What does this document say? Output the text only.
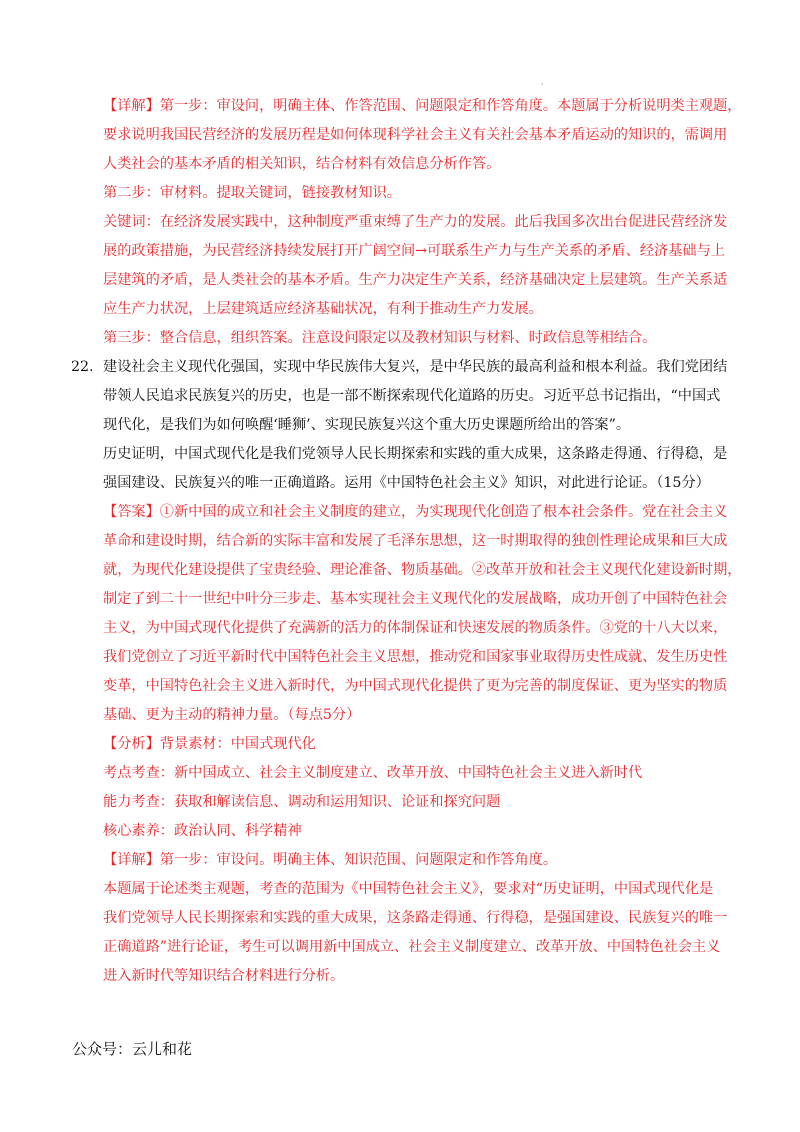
·
【详解】第一步：审设问，明确主体、作答范围、问题限定和作答角度。本题属于分析说明类主观题，
要求说明我国民营经济的发展历程是如何体现科学社会主义有关社会基本矛盾运动的知识的，需调用
人类社会的基本矛盾的相关知识，结合材料有效信息分析作答。
第二步：审材料。提取关键词，链接教材知识。
关键词：在经济发展实践中，这种制度严重束缚了生产力的发展。此后我国多次出台促进民营经济发
展的政策措施，为民营经济持续发展打开广阔空间→可联系生产力与生产关系的矛盾、经济基础与上
层建筑的矛盾，是人类社会的基本矛盾。生产力决定生产关系，经济基础决定上层建筑。生产关系适
应生产力状况，上层建筑适应经济基础状况，有利于推动生产力发展。
第三步：整合信息，组织答案。注意设问限定以及教材知识与材料、时政信息等相结合。
22. 建设社会主义现代化强国，实现中华民族伟大复兴，是中华民族的最高利益和根本利益。我们党团结
带领人民追求民族复兴的历史，也是一部不断探索现代化道路的历史。习近平总书记指出，“中国式
现代化，是我们为如何唤醒‘睡狮’、实现民族复兴这个重大历史课题所给出的答案”。
历史证明，中国式现代化是我们党领导人民长期探索和实践的重大成果，这条路走得通、行得稳，是
强国建设、民族复兴的唯一正确道路。运用《中国特色社会主义》知识，对此进行论证。（15分）
【答案】①新中国的成立和社会主义制度的建立，为实现现代化创造了根本社会条件。党在社会主义
革命和建设时期，结合新的实际丰富和发展了毛泽东思想，这一时期取得的独创性理论成果和巨大成
就，为现代化建设提供了宝贵经验、理论准备、物质基础。②改革开放和社会主义现代化建设新时期，
制定了到二十一世纪中叶分三步走、基本实现社会主义现代化的发展战略，成功开创了中国特色社会
主义，为中国式现代化提供了充满新的活力的体制保证和快速发展的物质条件。③党的十八大以来，
我们党创立了习近平新时代中国特色社会主义思想，推动党和国家事业取得历史性成就、发生历史性
变革，中国特色社会主义进入新时代，为中国式现代化提供了更为完善的制度保证、更为坚实的物质
基础、更为主动的精神力量。（每点5分）
【分析】背景素材：中国式现代化
考点考查：新中国成立、社会主义制度建立、改革开放、中国特色社会主义进入新时代
能力考查：获取和解读信息、调动和运用知识、论证和探究问题
核心素养：政治认同、科学精神
【详解】第一步：审设问。明确主体、知识范围、问题限定和作答角度。
本题属于论述类主观题，考查的范围为《中国特色社会主义》，要求对“历史证明，中国式现代化是
我们党领导人民长期探索和实践的重大成果，这条路走得通、行得稳，是强国建设、民族复兴的唯一
正确道路”进行论证，考生可以调用新中国成立、社会主义制度建立、改革开放、中国特色社会主义
进入新时代等知识结合材料进行分析。
公众号：云儿和花
